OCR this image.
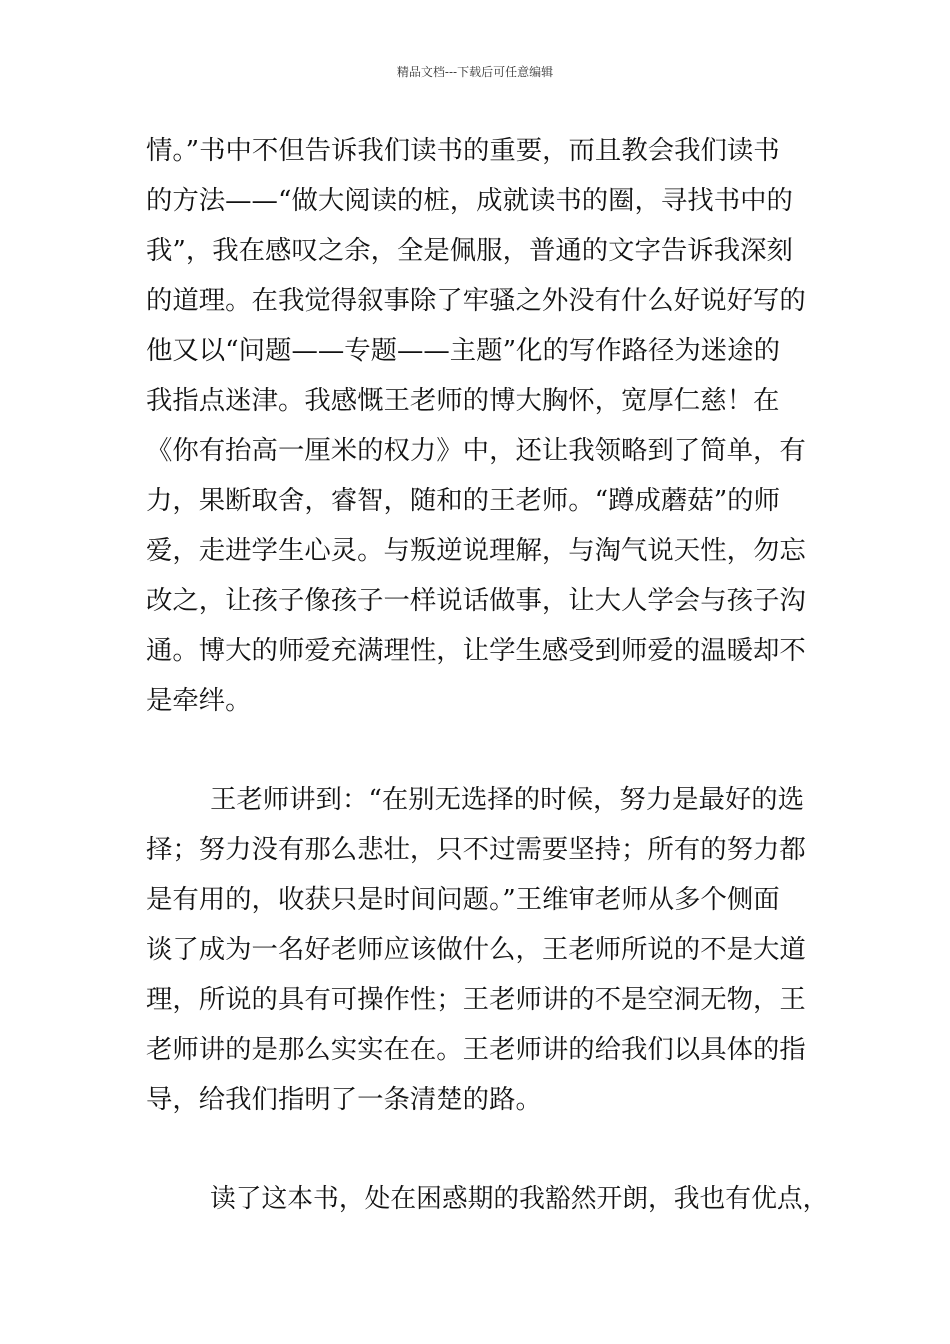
精品文档---下载后可任意编辑
情。”书中不但告诉我们读书的重要，而且教会我们读书
的方法——“做大阅读的桩，成就读书的圈，寻找书中的
我”，我在感叹之余，全是佩服，普通的文字告诉我深刻
的道理。在我觉得叙事除了牢骚之外没有什么好说好写的
他又以“问题——专题——主题”化的写作路径为迷途的
我指点迷津。我感慨王老师的博大胸怀，宽厚仁慈！在
《你有抬高一厘米的权力》中，还让我领略到了简单，有
力，果断取舍，睿智，随和的王老师。“蹲成蘑菇”的师
爱，走进学生心灵。与叛逆说理解，与淘气说天性，勿忘
改之，让孩子像孩子一样说话做事，让大人学会与孩子沟
通。博大的师爱充满理性，让学生感受到师爱的温暖却不
是牵绊。
王老师讲到：“在别无选择的时候，努力是最好的选
择；努力没有那么悲壮，只不过需要坚持；所有的努力都
是有用的，收获只是时间问题。”王维审老师从多个侧面
谈了成为一名好老师应该做什么，王老师所说的不是大道
理，所说的具有可操作性；王老师讲的不是空洞无物，王
老师讲的是那么实实在在。王老师讲的给我们以具体的指
导，给我们指明了一条清楚的路。
读了这本书，处在困惑期的我豁然开朗，我也有优点，
